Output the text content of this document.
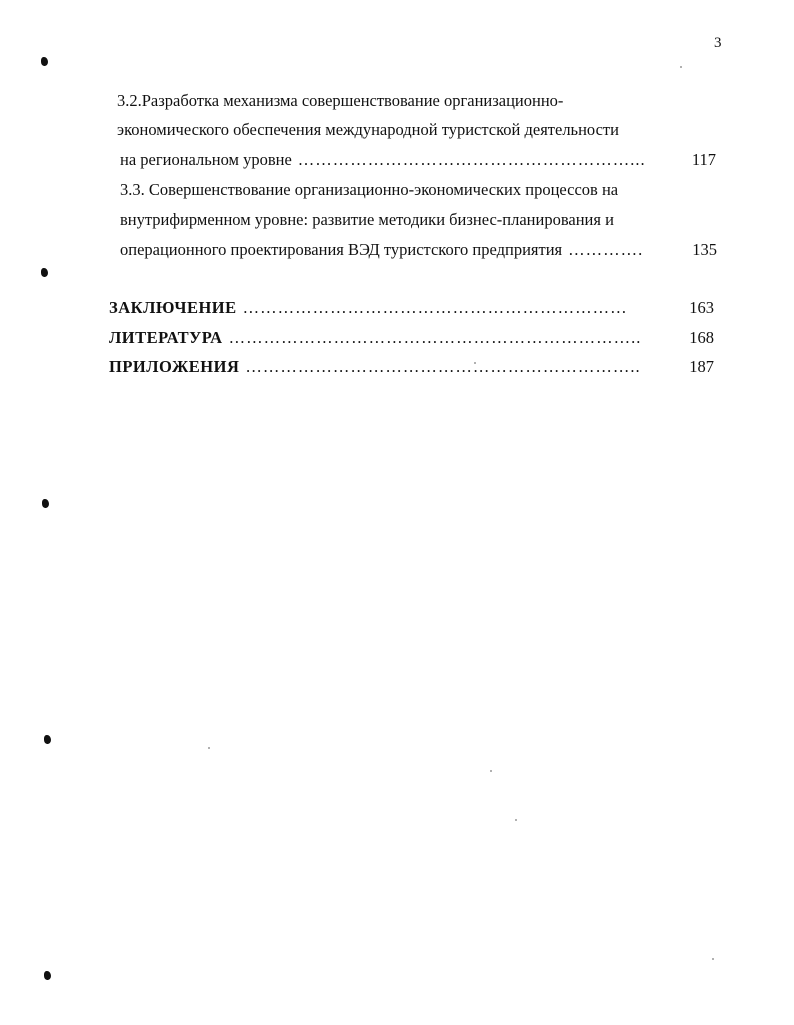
3
3.2.Разработка механизма совершенствование организационно-
экономического обеспечения международной туристской деятельности
на региональном уровне …………………………………………………...	117
3.3. Совершенствование организационно-экономических процессов на
внутрифирменном уровне: развитие методики бизнес-планирования и
операционного проектирования ВЭД туристского предприятия ………….	135
ЗАКЛЮЧЕНИЕ …………………………………………………………	163
ЛИТЕРАТУРА ……………………………………………………………..	168
ПРИЛОЖЕНИЯ …………………………………………………………..	187
